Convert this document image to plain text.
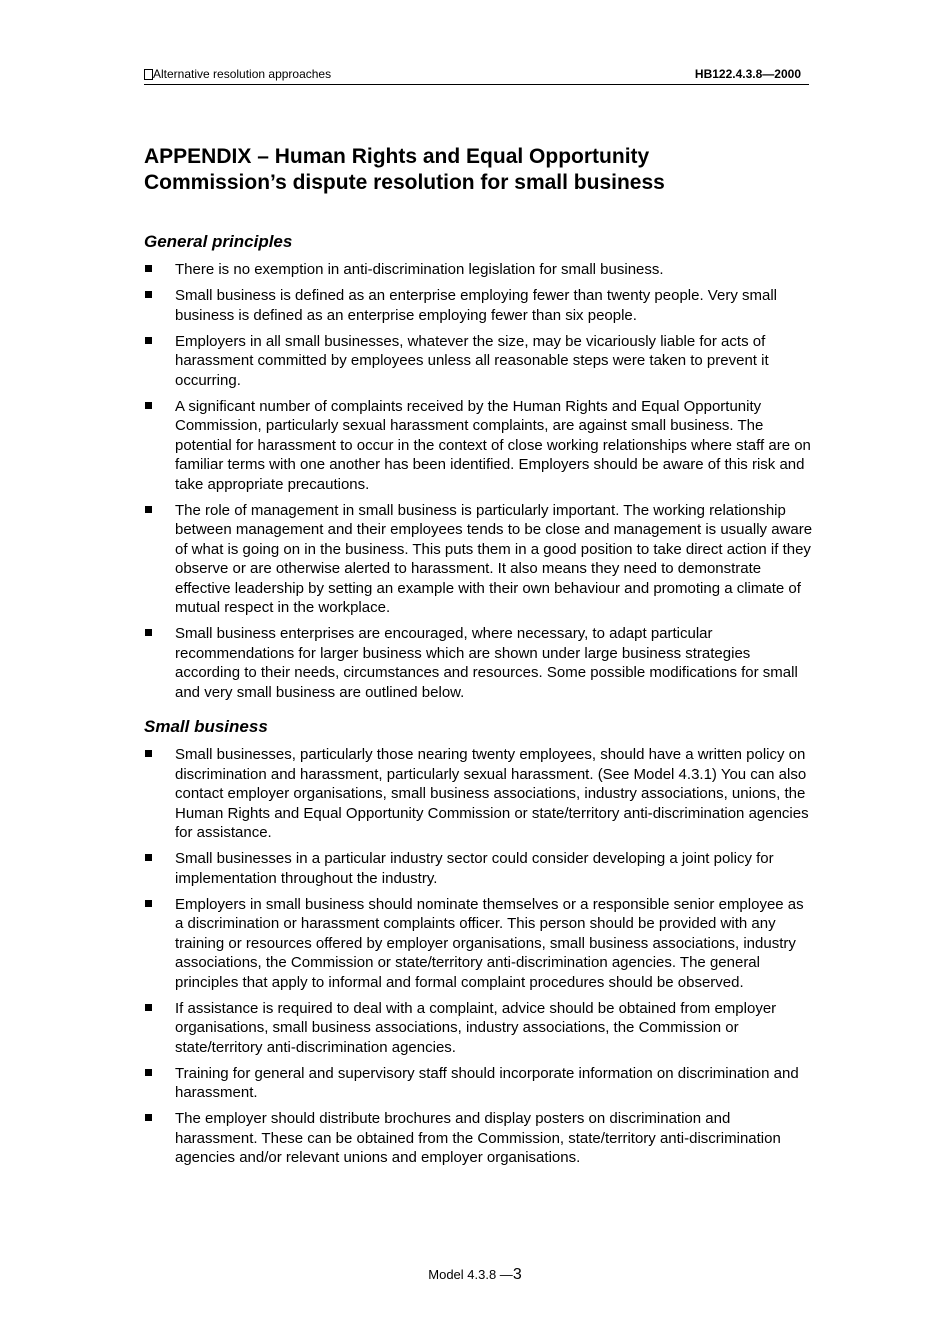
Alternative resolution approaches	HB122.4.3.8—2000
APPENDIX – Human Rights and Equal Opportunity
Commission’s dispute resolution for small business
General principles
There is no exemption in anti-discrimination legislation for small business.
Small business is defined as an enterprise employing fewer than twenty people. Very small business is defined as an enterprise employing fewer than six people.
Employers in all small businesses, whatever the size, may be vicariously liable for acts of harassment committed by employees unless all reasonable steps were taken to prevent it occurring.
A significant number of complaints received by the Human Rights and Equal Opportunity Commission, particularly sexual harassment complaints, are against small business. The potential for harassment to occur in the context of close working relationships where staff are on familiar terms with one another has been identified. Employers should be aware of this risk and take appropriate precautions.
The role of management in small business is particularly important. The working relationship between management and their employees tends to be close and management is usually aware of what is going on in the business. This puts them in a good position to take direct action if they observe or are otherwise alerted to harassment. It also means they need to demonstrate effective leadership by setting an example with their own behaviour and promoting a climate of mutual respect in the workplace.
Small business enterprises are encouraged, where necessary, to adapt particular recommendations for larger business which are shown under large business strategies according to their needs, circumstances and resources. Some possible modifications for small and very small business are outlined below.
Small business
Small businesses, particularly those nearing twenty employees, should have a written policy on discrimination and harassment, particularly sexual harassment. (See Model 4.3.1) You can also contact employer organisations, small business associations, industry associations, unions, the Human Rights and Equal Opportunity Commission or state/territory anti-discrimination agencies for assistance.
Small businesses in a particular industry sector could consider developing a joint policy for implementation throughout the industry.
Employers in small business should nominate themselves or a responsible senior employee as a discrimination or harassment complaints officer. This person should be provided with any training or resources offered by employer organisations, small business associations, industry associations, the Commission or state/territory anti-discrimination agencies. The general principles that apply to informal and formal complaint procedures should be observed.
If assistance is required to deal with a complaint, advice should be obtained from employer organisations, small business associations, industry associations, the Commission or state/territory anti-discrimination agencies.
Training for general and supervisory staff should incorporate information on discrimination and harassment.
The employer should distribute brochures and display posters on discrimination and harassment. These can be obtained from the Commission, state/territory anti-discrimination agencies and/or relevant unions and employer organisations.
Model 4.3.8 —3
